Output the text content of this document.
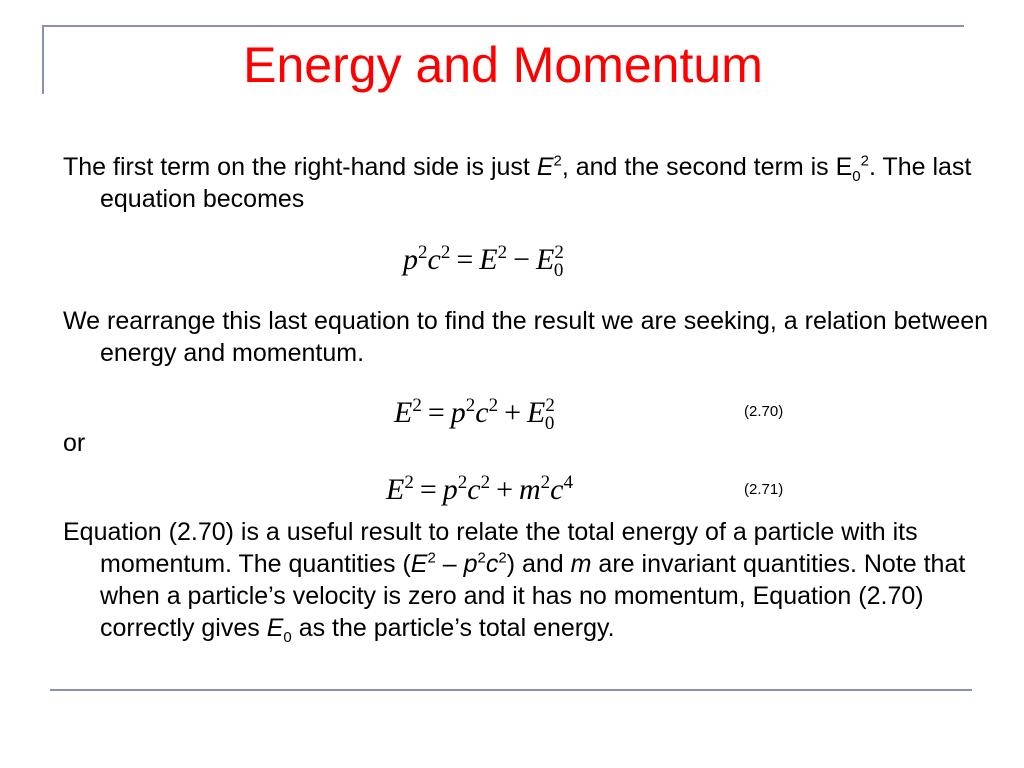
Energy and Momentum

The first term on the right-hand side is just $E^2$, and the second term is $E_0^2$. The last equation becomes

$p^2c^2 = E^2 - E^2_0$

We rearrange this last equation to find the result we are seeking, a relation between energy and momentum.

$E^2 = p^2c^2 + E^2_0$
(2.70)

or

$E^2 = p^2c^2 + m^2c^4$	(2.71)

Equation (2.70) is a useful result to relate the total energy of a particle with its momentum. The quantities $(E^2 - p^2c^2)$ and m are invariant quantities. Note that when a particle’s velocity is zero and it has no momentum, Equation (2.70) correctly gives $E_0$ as the particle’s total energy.
